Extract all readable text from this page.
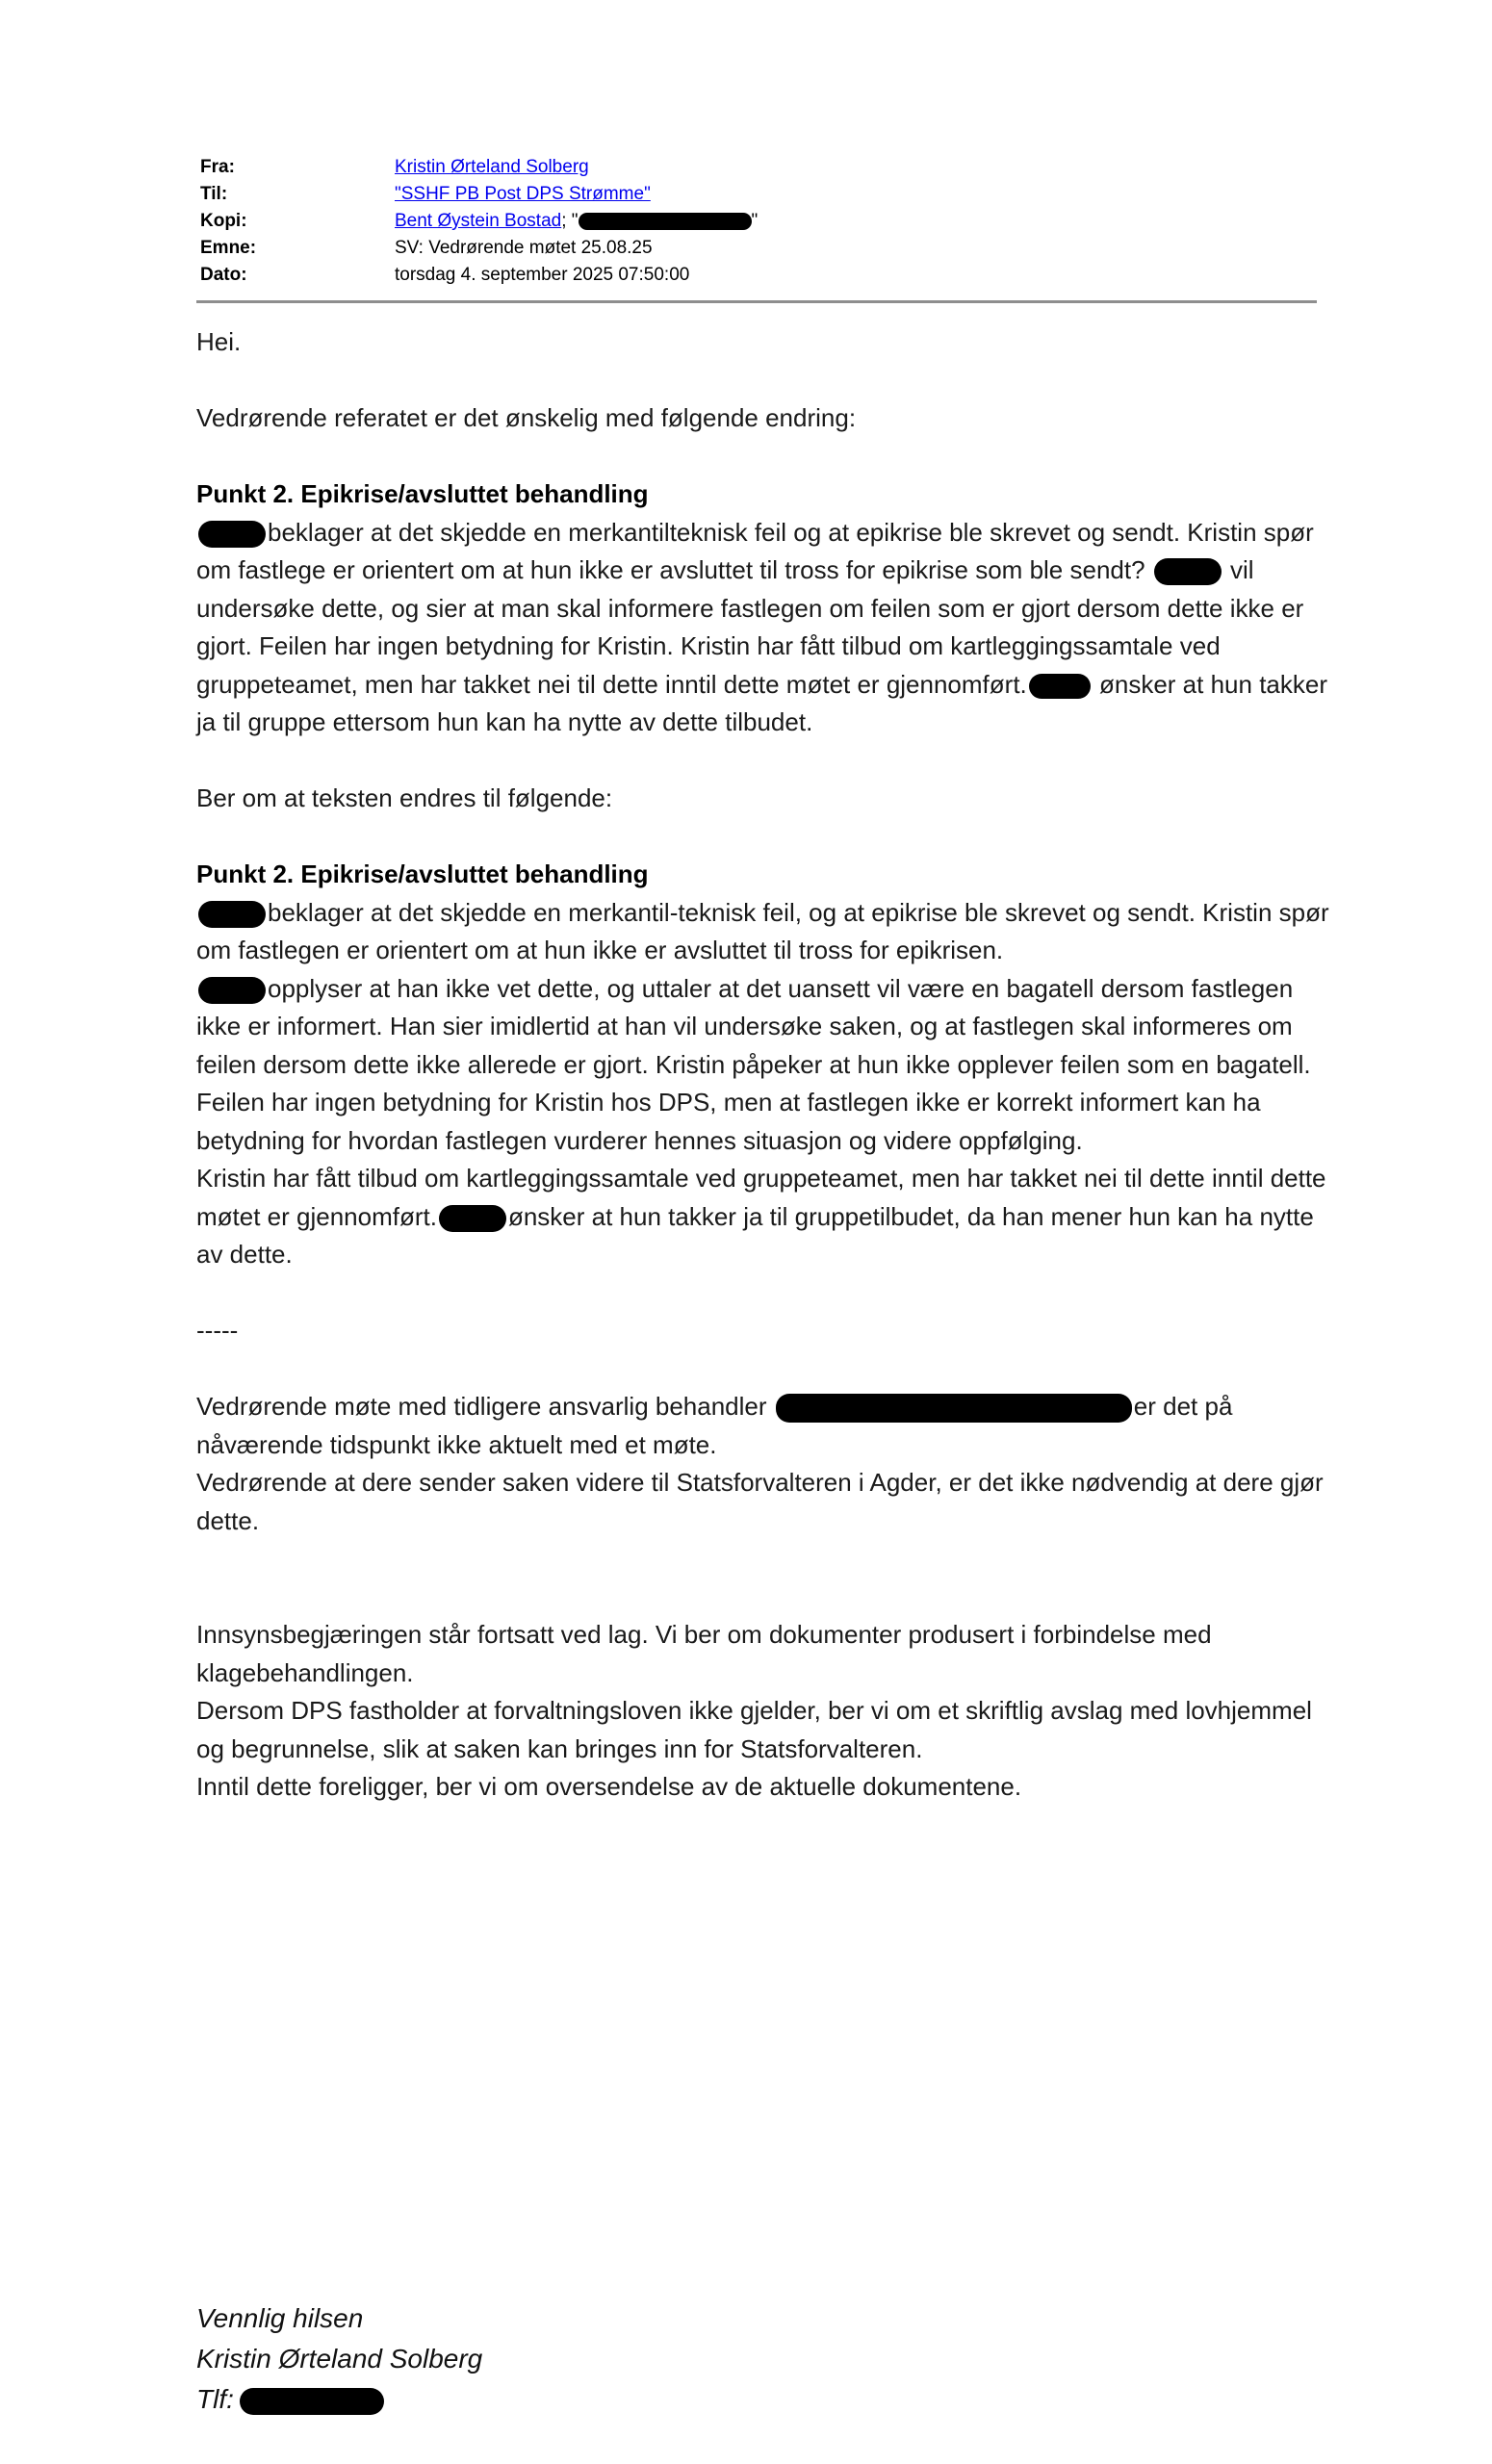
Fra:	Kristin Ørteland Solberg
Til:	"SSHF PB Post DPS Strømme"
Kopi:	Bent Øystein Bostad; "	"
Emne:	SV: Vedrørende møtet 25.08.25
Dato:	torsdag 4. september 2025 07:50:00

Hei.

Vedrørende referatet er det ønskelig med følgende endring:

Punkt 2. Epikrise/avsluttet behandling

beklager at det skjedde en merkantilteknisk feil og at epikrise ble skrevet og sendt. Kristin spør om fastlege er orientert om at hun ikke er avsluttet til tross for epikrise som ble sendt?	vil undersøke dette, og sier at man skal informere fastlegen om feilen som er gjort dersom dette ikke er gjort. Feilen har ingen betydning for Kristin. Kristin har fått tilbud om kartleggingssamtale ved gruppeteamet, men har takket nei til dette inntil dette møtet er gjennomført.	ønsker at hun takker ja til gruppe ettersom hun kan ha nytte av dette tilbudet.

Ber om at teksten endres til følgende:

Punkt 2. Epikrise/avsluttet behandling

beklager at det skjedde en merkantil-teknisk feil, og at epikrise ble skrevet og sendt. Kristin spør om fastlegen er orientert om at hun ikke er avsluttet til tross for epikrisen.

opplyser at han ikke vet dette, og uttaler at det uansett vil være en bagatell dersom fastlegen ikke er informert. Han sier imidlertid at han vil undersøke saken, og at fastlegen skal informeres om feilen dersom dette ikke allerede er gjort. Kristin påpeker at hun ikke opplever feilen som en bagatell. Feilen har ingen betydning for Kristin hos DPS, men at fastlegen ikke er korrekt informert kan ha betydning for hvordan fastlegen vurderer hennes situasjon og videre oppfølging.

Kristin har fått tilbud om kartleggingssamtale ved gruppeteamet, men har takket nei til dette inntil dette møtet er gjennomført.	ønsker at hun takker ja til gruppetilbudet, da han mener hun kan ha nytte av dette.

-----

Vedrørende møte med tidligere ansvarlig behandler	er det på nåværende tidspunkt ikke aktuelt med et møte.

Vedrørende at dere sender saken videre til Statsforvalteren i Agder, er det ikke nødvendig at dere gjør dette.

Innsynsbegjæringen står fortsatt ved lag. Vi ber om dokumenter produsert i forbindelse med klagebehandlingen.

Dersom DPS fastholder at forvaltningsloven ikke gjelder, ber vi om et skriftlig avslag med lovhjemmel og begrunnelse, slik at saken kan bringes inn for Statsforvalteren.

Inntil dette foreligger, ber vi om oversendelse av de aktuelle dokumentene.

Vennlig hilsen
Kristin Ørteland Solberg
Tlf:
